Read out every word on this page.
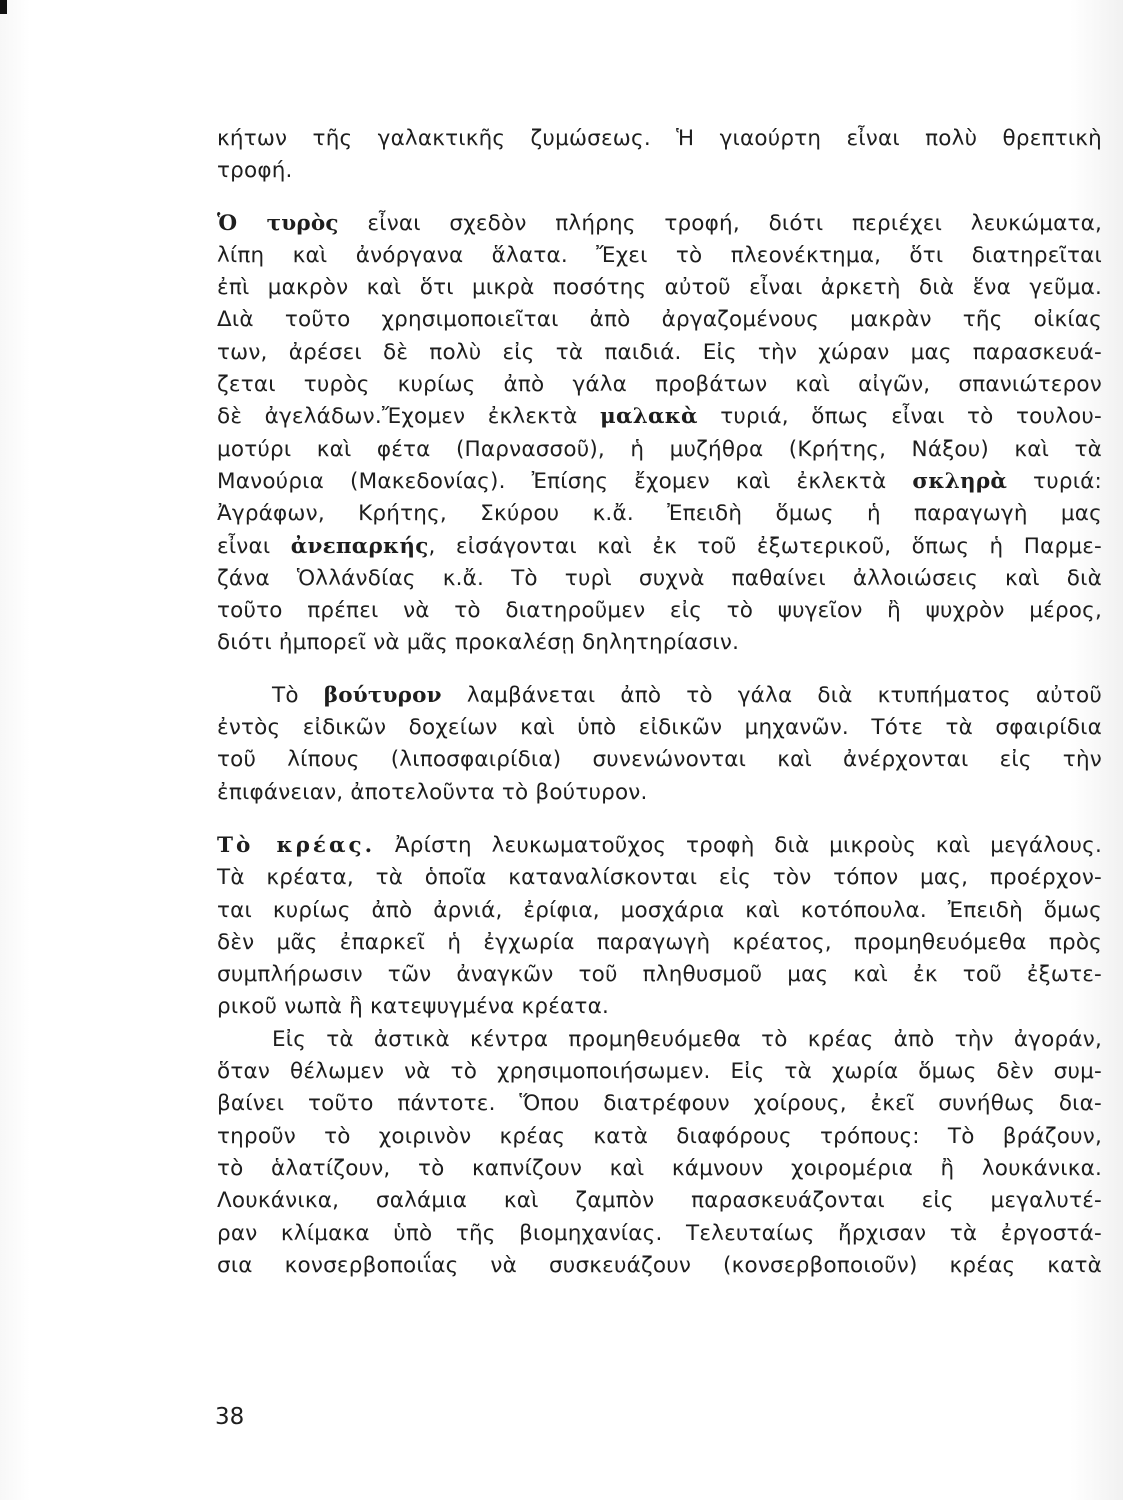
κήτων τῆς γαλακτικῆς ζυμώσεως. Ἡ γιαούρτη εἶναι πολὺ θρεπτικὴ
τροφή.
Ὁ τυρὸς εἶναι σχεδὸν πλήρης τροφή, διότι περιέχει λευκώματα,
λίπη καὶ ἀνόργανα ἅλατα. Ἔχει τὸ πλεονέκτημα, ὅτι διατηρεῖται
ἐπὶ μακρὸν καὶ ὅτι μικρὰ ποσότης αὐτοῦ εἶναι ἀρκετὴ διὰ ἕνα γεῦμα.
Διὰ τοῦτο χρησιμοποιεῖται ἀπὸ ἀργαζομένους μακρὰν τῆς οἰκίας
των, ἀρέσει δὲ πολὺ εἰς τὰ παιδιά. Εἰς τὴν χώραν μας παρασκευά-
ζεται τυρὸς κυρίως ἀπὸ γάλα προβάτων καὶ αἰγῶν, σπανιώτερον
δὲ ἀγελάδων.Ἔχομεν ἐκλεκτὰ μαλακὰ τυριά, ὅπως εἶναι τὸ τουλου-
μοτύρι καὶ φέτα (Παρνασσοῦ), ἡ μυζήθρα (Κρήτης, Νάξου) καὶ τὰ
Μανούρια (Μακεδονίας). Ἐπίσης ἔχομεν καὶ ἐκλεκτὰ σκληρὰ τυριά:
Ἀγράφων, Κρήτης, Σκύρου κ.ἄ. Ἐπειδὴ ὅμως ἡ παραγωγὴ μας
εἶναι ἀνεπαρκής, εἰσάγονται καὶ ἐκ τοῦ ἐξωτερικοῦ, ὅπως ἡ Παρμε-
ζάνα Ὁλλάνδίας κ.ἄ. Τὸ τυρὶ συχνὰ παθαίνει ἀλλοιώσεις καὶ διὰ
τοῦτο πρέπει νὰ τὸ διατηροῦμεν εἰς τὸ ψυγεῖον ἢ ψυχρὸν μέρος,
διότι ἠμπορεῖ νὰ μᾶς προκαλέσῃ δηλητηρίασιν.
Τὸ βούτυρον λαμβάνεται ἀπὸ τὸ γάλα διὰ κτυπήματος αὐτοῦ
ἐντὸς εἰδικῶν δοχείων καὶ ὑπὸ εἰδικῶν μηχανῶν. Τότε τὰ σφαιρίδια
τοῦ λίπους (λιποσφαιρίδια) συνενώνονται καὶ ἀνέρχονται εἰς τὴν
ἐπιφάνειαν, ἀποτελοῦντα τὸ βούτυρον.
Τὸ κρέας. Ἀρίστη λευκωματοῦχος τροφὴ διὰ μικροὺς καὶ μεγάλους.
Τὰ κρέατα, τὰ ὁποῖα καταναλίσκονται εἰς τὸν τόπον μας, προέρχον-
ται κυρίως ἀπὸ ἀρνιά, ἐρίφια, μοσχάρια καὶ κοτόπουλα. Ἐπειδὴ ὅμως
δὲν μᾶς ἐπαρκεῖ ἡ ἐγχωρία παραγωγὴ κρέατος, προμηθευόμεθα πρὸς
συμπλήρωσιν τῶν ἀναγκῶν τοῦ πληθυσμοῦ μας καὶ ἐκ τοῦ ἐξωτε-
ρικοῦ νωπὰ ἢ κατεψυγμένα κρέατα.
Εἰς τὰ ἀστικὰ κέντρα προμηθευόμεθα τὸ κρέας ἀπὸ τὴν ἀγοράν,
ὅταν θέλωμεν νὰ τὸ χρησιμοποιήσωμεν. Εἰς τὰ χωρία ὅμως δὲν συμ-
βαίνει τοῦτο πάντοτε. Ὅπου διατρέφουν χοίρους, ἐκεῖ συνήθως δια-
τηροῦν τὸ χοιρινὸν κρέας κατὰ διαφόρους τρόπους: Τὸ βράζουν,
τὸ ἁλατίζουν, τὸ καπνίζουν καὶ κάμνουν χοιρομέρια ἢ λουκάνικα.
Λουκάνικα, σαλάμια καὶ ζαμπὸν παρασκευάζονται εἰς μεγαλυτέ-
ραν κλίμακα ὑπὸ τῆς βιομηχανίας. Τελευταίως ἤρχισαν τὰ ἐργοστά-
σια κονσερβοποιΐας νὰ συσκευάζουν (κονσερβοποιοῦν) κρέας κατὰ
38
